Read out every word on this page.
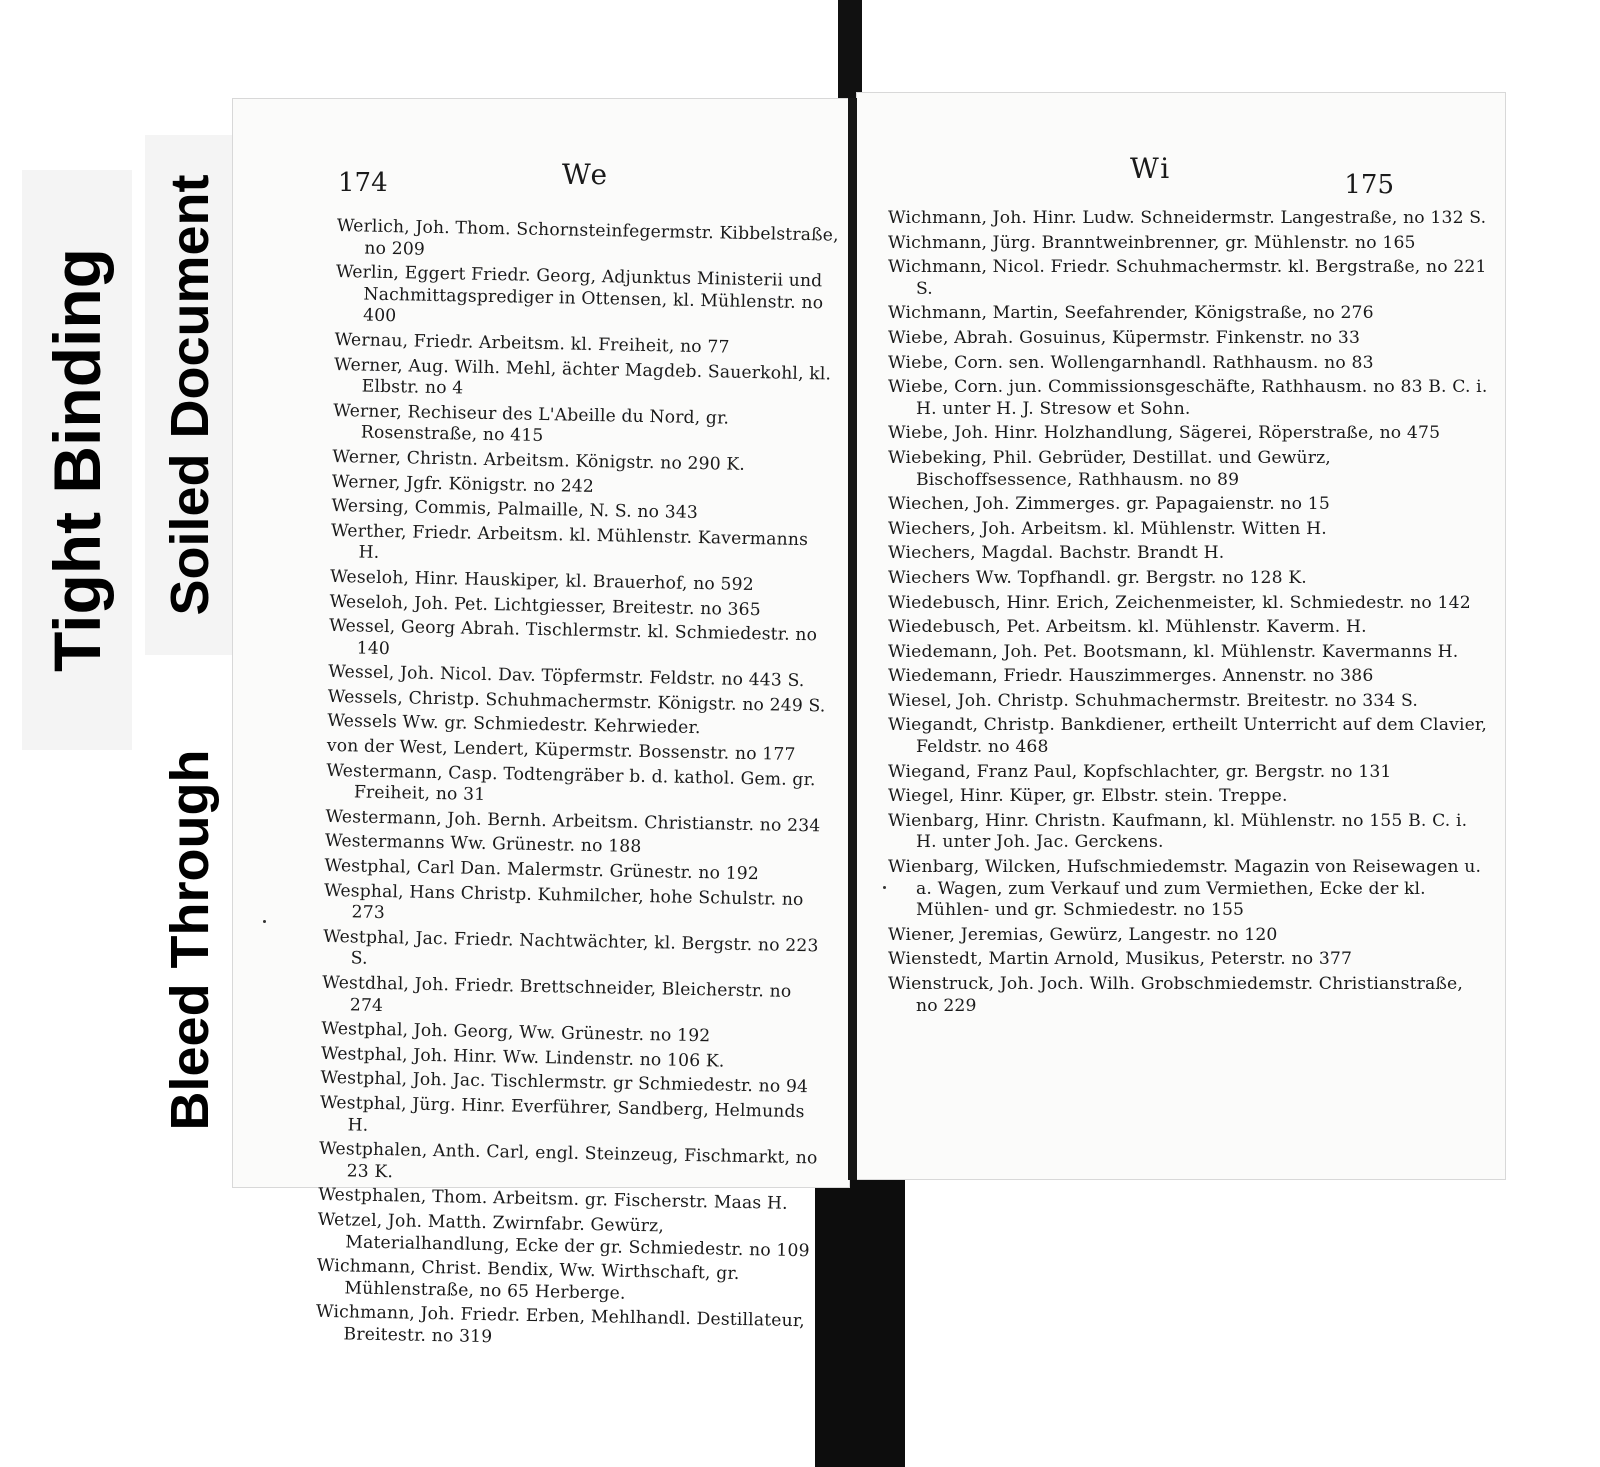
Tight Binding Soiled Document
Bleed Through
174	We
Werlich, Joh. Thom. Schornsteinfegermstr. Kibbelstraße, no 209
Werlin, Eggert Friedr. Georg, Adjunktus Ministerii und Nachmittagsprediger in Ottensen, kl. Mühlenstr. no 400
Wernau, Friedr. Arbeitsm. kl. Freiheit, no 77
Werner, Aug. Wilh. Mehl, ächter Magdeb. Sauerkohl, kl. Elbstr. no 4
Werner, Rechiseur des L'Abeille du Nord, gr. Rosenstraße, no 415
Werner, Christn. Arbeitsm. Königstr. no 290 K.
Werner, Jgfr. Königstr. no 242
Wersing, Commis, Palmaille, N. S. no 343
Werther, Friedr. Arbeitsm. kl. Mühlenstr. Kavermanns H.
Weseloh, Hinr. Hauskiper, kl. Brauerhof, no 592
Weseloh, Joh. Pet. Lichtgiesser, Breitestr. no 365
Wessel, Georg Abrah. Tischlermstr. kl. Schmiedestr. no 140
Wessel, Joh. Nicol. Dav. Töpfermstr. Feldstr. no 443 S.
Wessels, Christp. Schuhmachermstr. Königstr. no 249 S.
Wessels Ww. gr. Schmiedestr. Kehrwieder.
von der West, Lendert, Küpermstr. Bossenstr. no 177
Westermann, Casp. Todtengräber b. d. kathol. Gem. gr. Freiheit, no 31
Westermann, Joh. Bernh. Arbeitsm. Christianstr. no 234
Westermanns Ww. Grünestr. no 188
Westphal, Carl Dan. Malermstr. Grünestr. no 192
Wesphal, Hans Christp. Kuhmilcher, hohe Schulstr. no 273
Westphal, Jac. Friedr. Nachtwächter, kl. Bergstr. no 223 S.
Westdhal, Joh. Friedr. Brettschneider, Bleicherstr. no 274
Westphal, Joh. Georg, Ww. Grünestr. no 192
Westphal, Joh. Hinr. Ww. Lindenstr. no 106 K.
Westphal, Joh. Jac. Tischlermstr. gr Schmiedestr. no 94
Westphal, Jürg. Hinr. Everführer, Sandberg, Helmunds H.
Westphalen, Anth. Carl, engl. Steinzeug, Fischmarkt, no 23 K.
Westphalen, Thom. Arbeitsm. gr. Fischerstr. Maas H.
Wetzel, Joh. Matth. Zwirnfabr. Gewürz, Materialhandlung, Ecke der gr. Schmiedestr. no 109
Wichmann, Christ. Bendix, Ww. Wirthschaft, gr. Mühlenstraße, no 65 Herberge.
Wichmann, Joh. Friedr. Erben, Mehlhandl. Destillateur, Breitestr. no 319
Wi	175
Wichmann, Joh. Hinr. Ludw. Schneidermstr. Langestraße, no 132 S.
Wichmann, Jürg. Branntweinbrenner, gr. Mühlenstr. no 165
Wichmann, Nicol. Friedr. Schuhmachermstr. kl. Bergstraße, no 221 S.
Wichmann, Martin, Seefahrender, Königstraße, no 276
Wiebe, Abrah. Gosuinus, Küpermstr. Finkenstr. no 33
Wiebe, Corn. sen. Wollengarnhandl. Rathhausm. no 83
Wiebe, Corn. jun. Commissionsgeschäfte, Rathhausm. no 83 B. C. i. H. unter H. J. Stresow et Sohn.
Wiebe, Joh. Hinr. Holzhandlung, Sägerei, Röperstraße, no 475
Wiebeking, Phil. Gebrüder, Destillat. und Gewürz, Bischoffsessence, Rathhausm. no 89
Wiechen, Joh. Zimmerges. gr. Papagaienstr. no 15
Wiechers, Joh. Arbeitsm. kl. Mühlenstr. Witten H.
Wiechers, Magdal. Bachstr. Brandt H.
Wiechers Ww. Topfhandl. gr. Bergstr. no 128 K.
Wiedebusch, Hinr. Erich, Zeichenmeister, kl. Schmiedestr. no 142
Wiedebusch, Pet. Arbeitsm. kl. Mühlenstr. Kaverm. H.
Wiedemann, Joh. Pet. Bootsmann, kl. Mühlenstr. Kavermanns H.
Wiedemann, Friedr. Hauszimmerges. Annenstr. no 386
Wiesel, Joh. Christp. Schuhmachermstr. Breitestr. no 334 S.
Wiegandt, Christp. Bankdiener, ertheilt Unterricht auf dem Clavier, Feldstr. no 468
Wiegand, Franz Paul, Kopfschlachter, gr. Bergstr. no 131
Wiegel, Hinr. Küper, gr. Elbstr. stein. Treppe.
Wienbarg, Hinr. Christn. Kaufmann, kl. Mühlenstr. no 155 B. C. i. H. unter Joh. Jac. Gerckens.
Wienbarg, Wilcken, Hufschmiedemstr. Magazin von Reisewagen u. a. Wagen, zum Verkauf und zum Vermiethen, Ecke der kl. Mühlen- und gr. Schmiedestr. no 155
Wiener, Jeremias, Gewürz, Langestr. no 120
Wienstedt, Martin Arnold, Musikus, Peterstr. no 377
Wienstruck, Joh. Joch. Wilh. Grobschmiedemstr. Christianstraße, no 229
